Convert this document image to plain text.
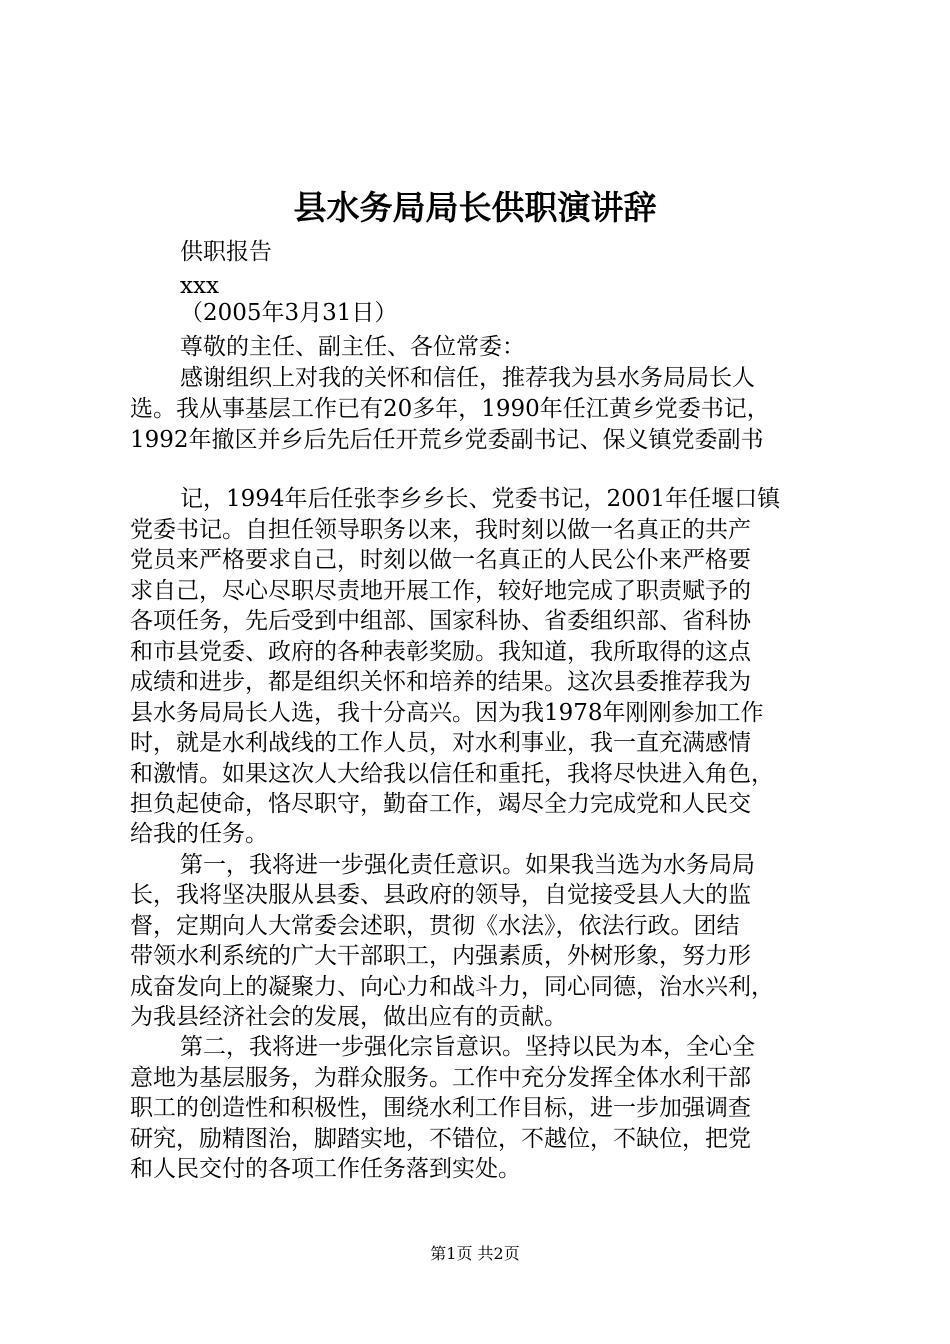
县水务局局长供职演讲辞
供职报告
xxx
（2005年3月31日）
尊敬的主任、副主任、各位常委：
感谢组织上对我的关怀和信任，推荐我为县水务局局长人
选。我从事基层工作已有20多年，1990年任江黄乡党委书记，
1992年撤区并乡后先后任开荒乡党委副书记、保义镇党委副书
记，1994年后任张李乡乡长、党委书记，2001年任堰口镇
党委书记。自担任领导职务以来，我时刻以做一名真正的共产
党员来严格要求自己，时刻以做一名真正的人民公仆来严格要
求自己，尽心尽职尽责地开展工作，较好地完成了职责赋予的
各项任务，先后受到中组部、国家科协、省委组织部、省科协
和市县党委、政府的各种表彰奖励。我知道，我所取得的这点
成绩和进步，都是组织关怀和培养的结果。这次县委推荐我为
县水务局局长人选，我十分高兴。因为我1978年刚刚参加工作
时，就是水利战线的工作人员，对水利事业，我一直充满感情
和激情。如果这次人大给我以信任和重托，我将尽快进入角色，
担负起使命，恪尽职守，勤奋工作，竭尽全力完成党和人民交
给我的任务。
第一，我将进一步强化责任意识。如果我当选为水务局局
长，我将坚决服从县委、县政府的领导，自觉接受县人大的监
督，定期向人大常委会述职，贯彻《水法》，依法行政。团结
带领水利系统的广大干部职工，内强素质，外树形象，努力形
成奋发向上的凝聚力、向心力和战斗力，同心同德，治水兴利，
为我县经济社会的发展，做出应有的贡献。
第二，我将进一步强化宗旨意识。坚持以民为本，全心全
意地为基层服务，为群众服务。工作中充分发挥全体水利干部
职工的创造性和积极性，围绕水利工作目标，进一步加强调查
研究，励精图治，脚踏实地，不错位，不越位，不缺位，把党
和人民交付的各项工作任务落到实处。
第1页 共2页
